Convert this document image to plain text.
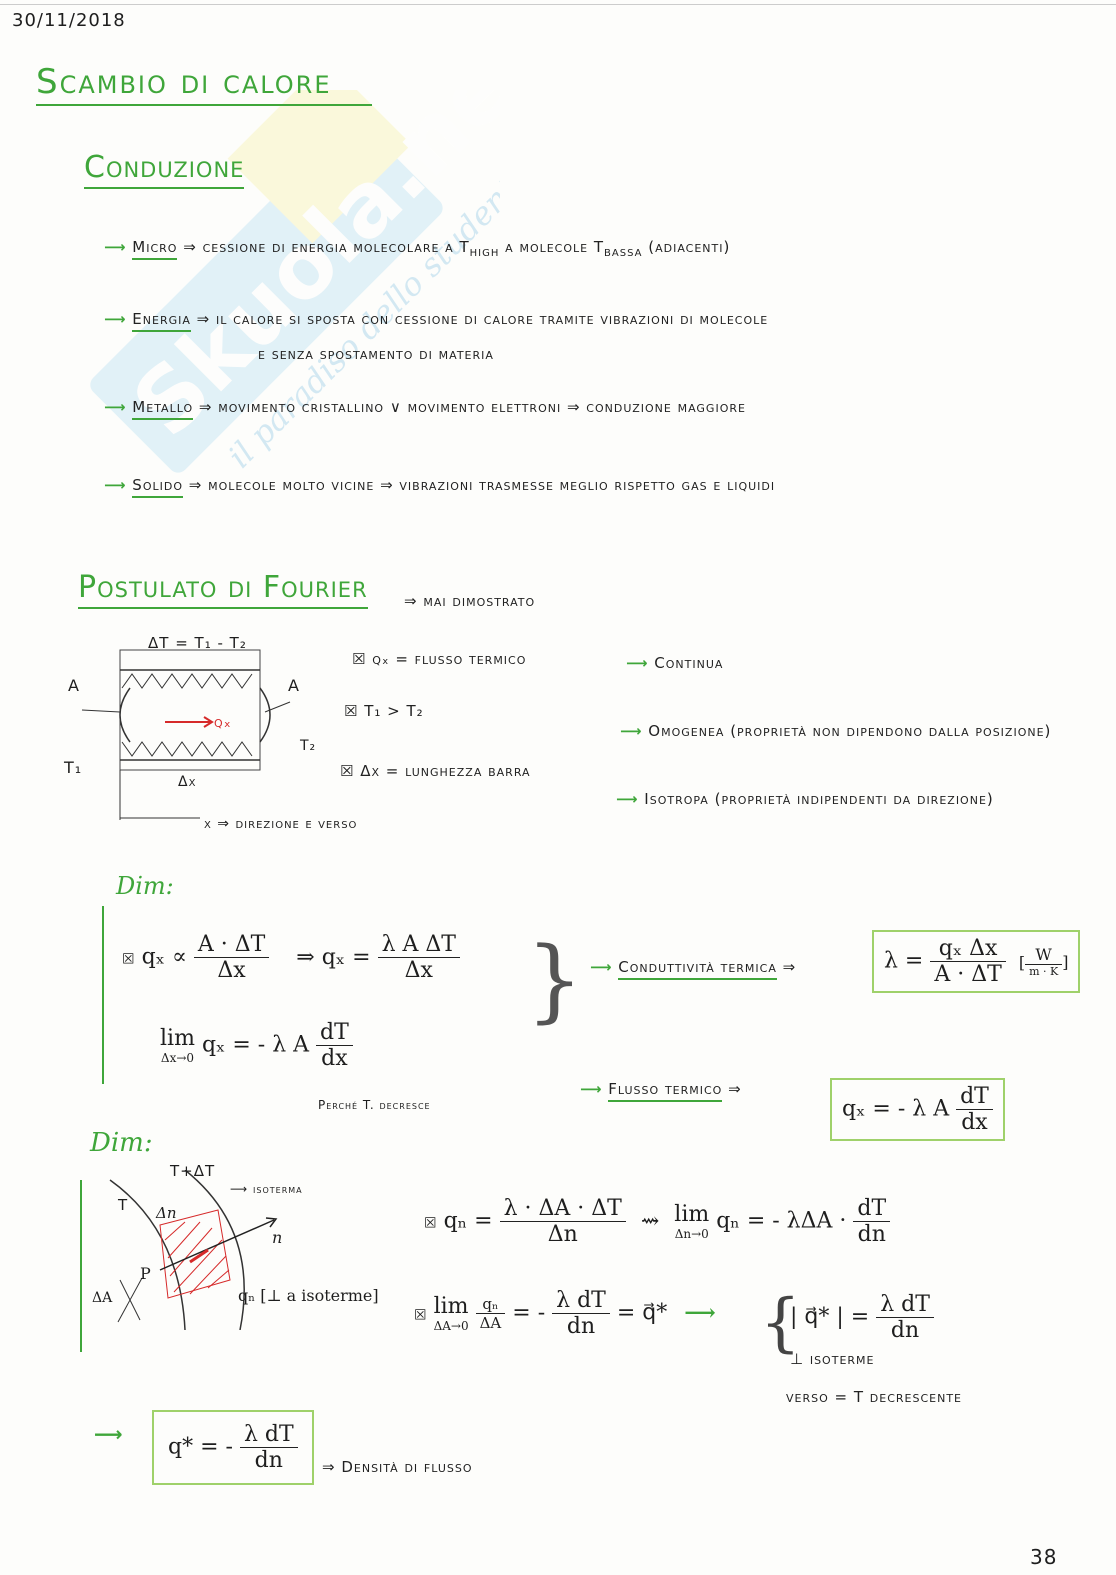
Skuola.net
il paradiso dello studente
30/11/2018
Scambio di calore
Conduzione
⟶ Micro ⇒ cessione di energia molecolare a $T_{HIGH}$ a molecole $T_{BASSA}$ (adiacenti)
⟶ Energia ⇒ il calore si sposta con cessione di calore tramite vibrazioni di molecole
e senza spostamento di materia
⟶ Metallo ⇒ movimento cristallino ∨ movimento elettroni ⇒ conduzione maggiore
⟶ Solido ⇒ molecole molto vicine ⇒ vibrazioni trasmesse meglio rispetto gas e liquidi
Postulato di Fourier ⇒ mai dimostrato
ΔT = T₁ - T₂
A	A
T₁
T₂
qₓ
Δx
x ⇒ direzione e verso
☒ qₓ = flusso termico
☒ T₁ > T₂
☒ Δx = lunghezza barra
⟶ Continua
⟶ Omogenea (proprietà non dipendono dalla posizione)
⟶ Isotropa (proprietà indipendenti da direzione)
Dim:
☒ $q_x \propto \frac{A \cdot \Delta T}{\Delta x}$ ⇒ $q_x = \frac{\text{λ A ΔT}}{\Delta x}$ }
lim
Δx→0
qₓ = - λ A $\frac{dT}{dx}$
Perché T. decresce
⟶ Conduttività termica ⇒	$\lambda = \frac{\text{qₓ Δx}}{A \cdot \Delta T}$ [ $\frac{W}{m \cdot K}$ ]
⟶ Flusso termico ⇒
qₓ = - λ A $\frac{dT}{dx}$
Dim:
T
T+ΔT
⟶ isoterma
Δn
n
P
ΔA	qₙ [⊥ a isoterme]
☒ $q_n = \frac{\lambda \cdot \Delta A \cdot \Delta T}{\Delta n}$ ⇝ lim
Δn→0
qₙ = - $\lambda\Delta A \cdot \frac{dT}{dn}$
☒ lim
ΔA→0
$\frac{\text{qₙ}}{\Delta A}$ = - $\frac{\text{λ dT}}{dn}$ = q⃗* ⟶ {
| q⃗* | = $\frac{\text{λ dT}}{dn}$
⊥ isoterme
verso = T decrescente
⟶
q* = - $\frac{\text{λ dT}}{dn}$ ⇒ Densità di flusso
38
